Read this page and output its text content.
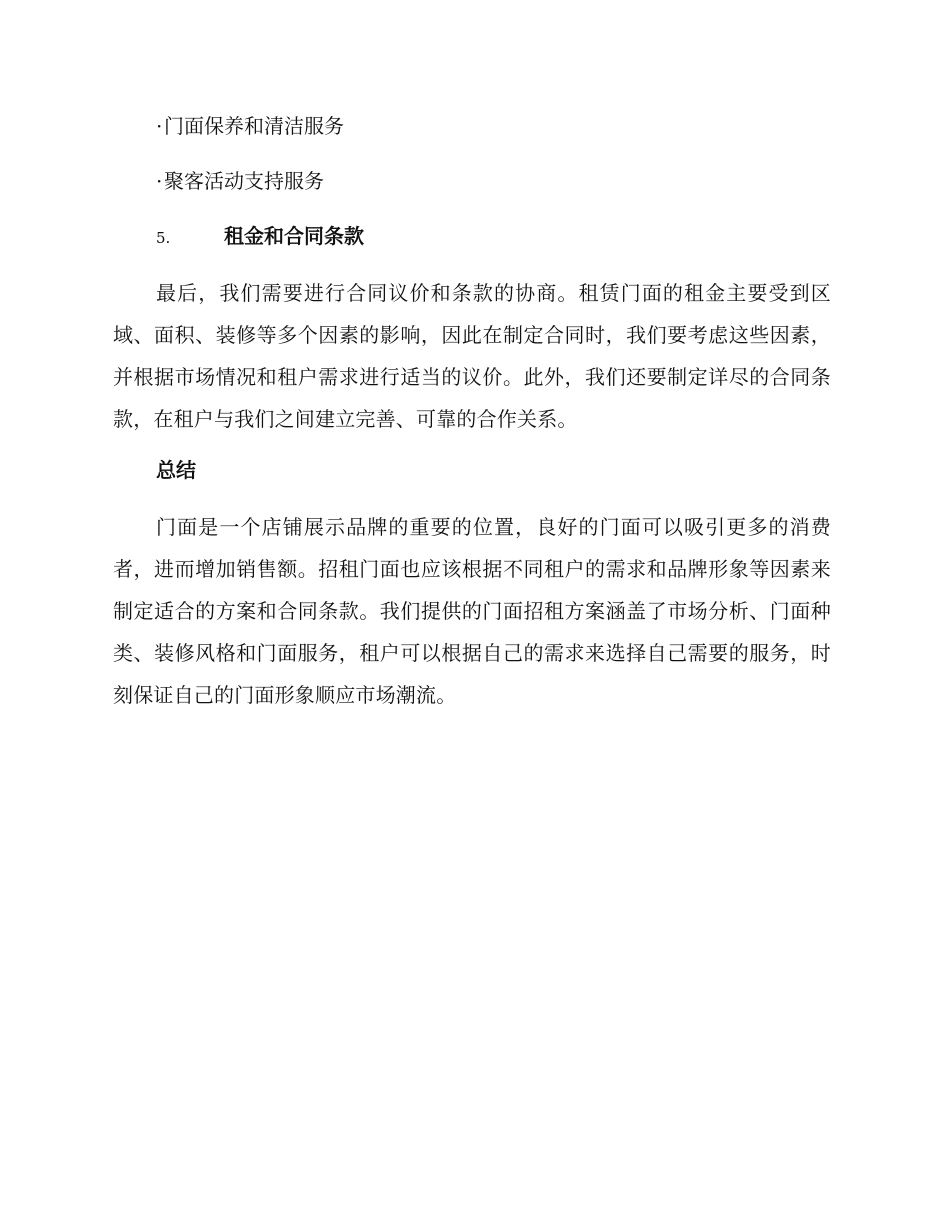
·门面保养和清洁服务
·聚客活动支持服务
5.	租金和合同条款

最后，我们需要进行合同议价和条款的协商。租赁门面的租金主要受到区域、面积、装修等多个因素的影响，因此在制定合同时，我们要考虑这些因素，并根据市场情况和租户需求进行适当的议价。此外，我们还要制定详尽的合同条款，在租户与我们之间建立完善、可靠的合作关系。

总结

门面是一个店铺展示品牌的重要的位置，良好的门面可以吸引更多的消费者，进而增加销售额。招租门面也应该根据不同租户的需求和品牌形象等因素来制定适合的方案和合同条款。我们提供的门面招租方案涵盖了市场分析、门面种类、装修风格和门面服务，租户可以根据自己的需求来选择自己需要的服务，时刻保证自己的门面形象顺应市场潮流。
